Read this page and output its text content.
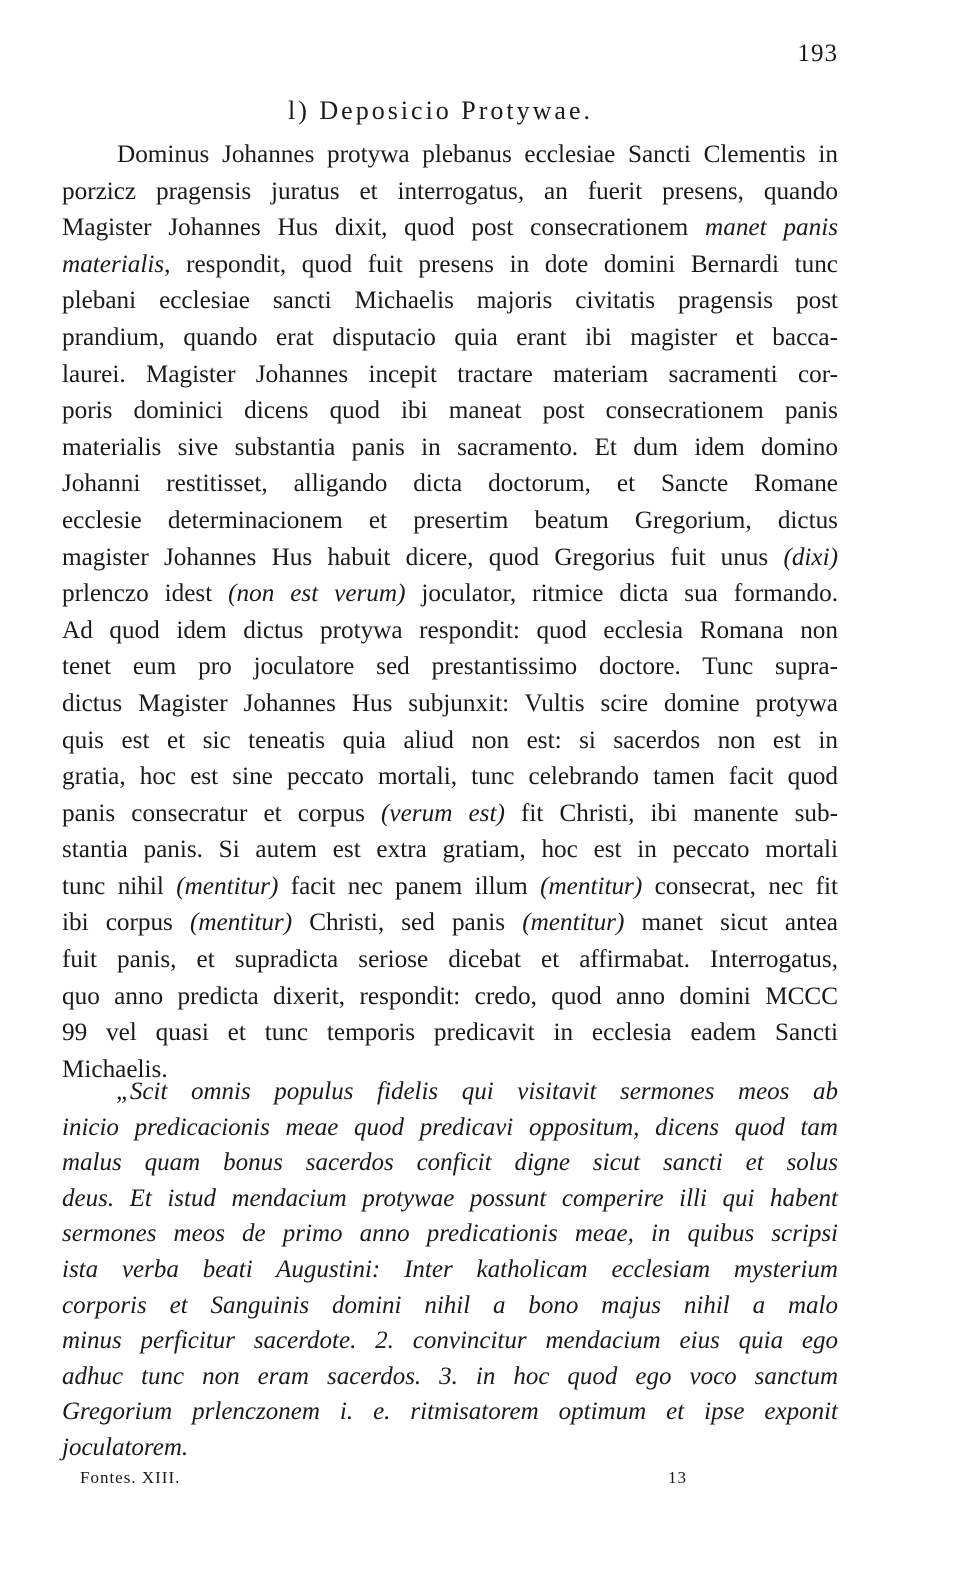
193
l) Deposicio Protywae.
Dominus Johannes protywa plebanus ecclesiae Sancti Clementis in
porzicz pragensis juratus et interrogatus, an fuerit presens, quando
Magister Johannes Hus dixit, quod post consecrationem manet panis
materialis, respondit, quod fuit presens in dote domini Bernardi tunc
plebani ecclesiae sancti Michaelis majoris civitatis pragensis post
prandium, quando erat disputacio quia erant ibi magister et bacca-
laurei. Magister Johannes incepit tractare materiam sacramenti cor-
poris dominici dicens quod ibi maneat post consecrationem panis
materialis sive substantia panis in sacramento. Et dum idem domino
Johanni restitisset, alligando dicta doctorum, et Sancte Romane
ecclesie determinacionem et presertim beatum Gregorium, dictus
magister Johannes Hus habuit dicere, quod Gregorius fuit unus (dixi)
prlenczo idest (non est verum) joculator, ritmice dicta sua formando.
Ad quod idem dictus protywa respondit: quod ecclesia Romana non
tenet eum pro joculatore sed prestantissimo doctore. Tunc supra-
dictus Magister Johannes Hus subjunxit: Vultis scire domine protywa
quis est et sic teneatis quia aliud non est: si sacerdos non est in
gratia, hoc est sine peccato mortali, tunc celebrando tamen facit quod
panis consecratur et corpus (verum est) fit Christi, ibi manente sub-
stantia panis. Si autem est extra gratiam, hoc est in peccato mortali
tunc nihil (mentitur) facit nec panem illum (mentitur) consecrat, nec fit
ibi corpus (mentitur) Christi, sed panis (mentitur) manet sicut antea
fuit panis, et supradicta seriose dicebat et affirmabat. Interrogatus,
quo anno predicta dixerit, respondit: credo, quod anno domini MCCC
99 vel quasi et tunc temporis predicavit in ecclesia eadem Sancti
Michaelis.
„Scit omnis populus fidelis qui visitavit sermones meos ab
inicio predicacionis meae quod predicavi oppositum, dicens quod tam
malus quam bonus sacerdos conficit digne sicut sancti et solus
deus. Et istud mendacium protywae possunt comperire illi qui habent
sermones meos de primo anno predicationis meae, in quibus scripsi
ista verba beati Augustini: Inter katholicam ecclesiam mysterium
corporis et Sanguinis domini nihil a bono majus nihil a malo
minus perficitur sacerdote. 2. convincitur mendacium eius quia ego
adhuc tunc non eram sacerdos. 3. in hoc quod ego voco sanctum
Gregorium prlenczonem i. e. ritmisatorem optimum et ipse exponit
joculatorem.
Fontes. XIII.	13
